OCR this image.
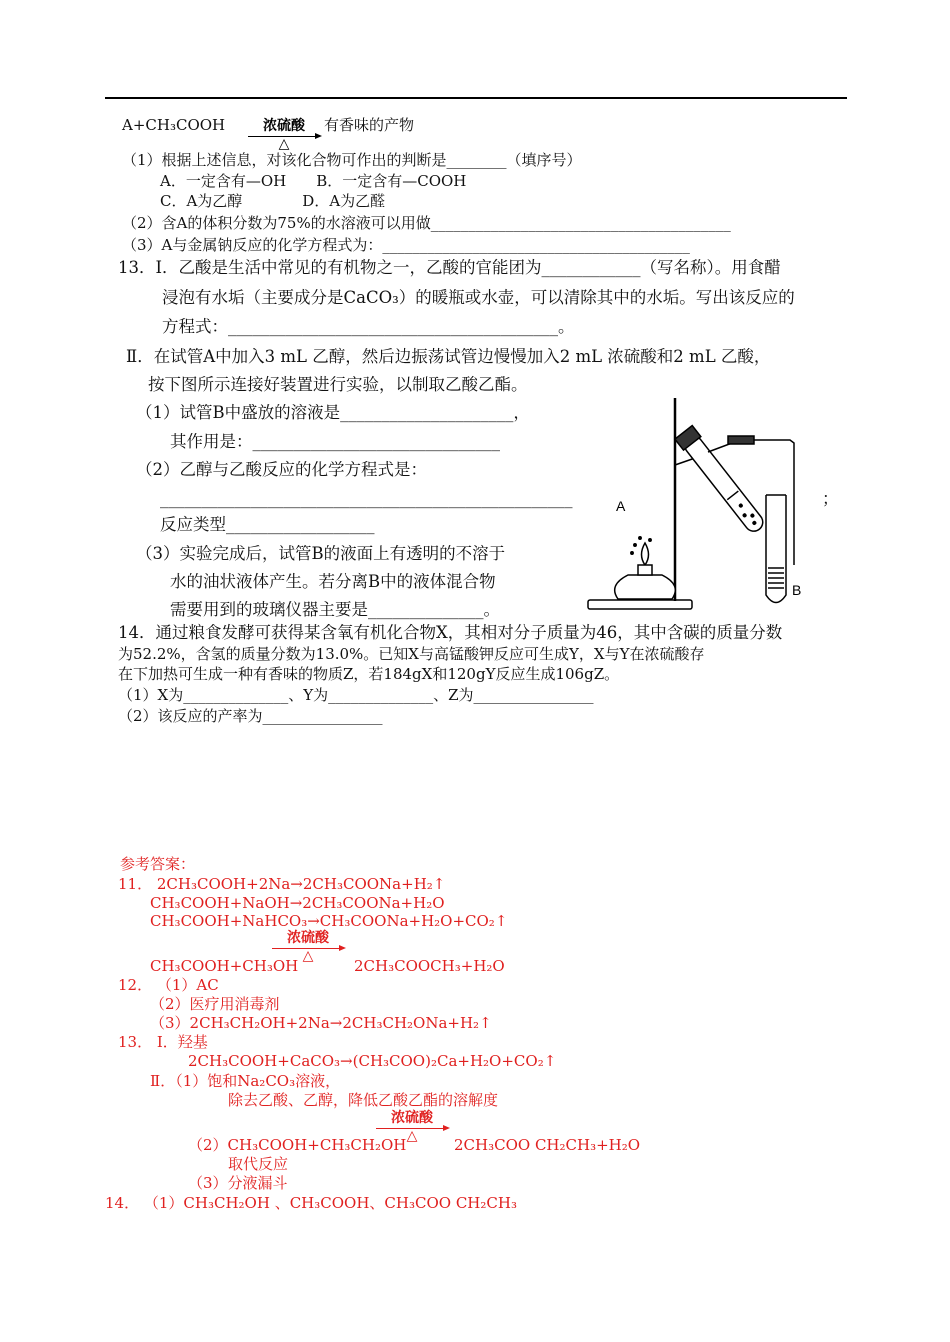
A+CH₃COOH	浓硫酸
△
有香味的产物
（1）根据上述信息，对该化合物可作出的判断是________（填序号）
A．一定含有—OH　　B．一定含有—COOH
C．A为乙醇　　　　D．A为乙醛
（2）含A的体积分数为75%的水溶液可以用做________________________________________
（3）A与金属钠反应的化学方程式为：_________________________________________
13．Ⅰ．乙酸是生活中常见的有机物之一，乙酸的官能团为____________（写名称）。用食醋
浸泡有水垢（主要成分是CaCO₃）的暖瓶或水壶，可以清除其中的水垢。写出该反应的
方程式：________________________________________。
Ⅱ．在试管A中加入3 mL 乙醇，然后边振荡试管边慢慢加入2 mL 浓硫酸和2 mL 乙酸，
按下图所示连接好装置进行实验，以制取乙酸乙酯。
（1）试管B中盛放的溶液是_____________________，
其作用是：______________________________
（2）乙醇与乙酸反应的化学方程式是：
__________________________________________________
反应类型__________________
（3）实验完成后，试管B的液面上有透明的不溶于
水的油状液体产生。若分离B中的液体混合物
需要用到的玻璃仪器主要是______________。
；
A
B
14．通过粮食发酵可获得某含氧有机化合物X，其相对分子质量为46，其中含碳的质量分数
为52.2%，含氢的质量分数为13.0%。已知X与高锰酸钾反应可生成Y，X与Y在浓硫酸存
在下加热可生成一种有香味的物质Z，若184gX和120gY反应生成106gZ。
（1）X为______________、Y为______________、Z为________________
（2）该反应的产率为________________
参考答案：
11． 2CH₃COOH+2Na→2CH₃COONa+H₂↑
CH₃COOH+NaOH→2CH₃COONa+H₂O
CH₃COOH+NaHCO₃→CH₃COONa+H₂O+CO₂↑
浓硫酸
△
CH₃COOH+CH₃OH	2CH₃COOCH₃+H₂O
12． （1）AC
（2）医疗用消毒剂
（3）2CH₃CH₂OH+2Na→2CH₃CH₂ONa+H₂↑
13． Ⅰ．羟基
2CH₃COOH+CaCO₃→(CH₃COO)₂Ca+H₂O+CO₂↑
Ⅱ．（1）饱和Na₂CO₃溶液，
除去乙酸、乙醇，降低乙酸乙酯的溶解度
浓硫酸
△
（2）CH₃COOH+CH₃CH₂OH	2CH₃COO CH₂CH₃+H₂O
取代反应
（3）分液漏斗
14． （1）CH₃CH₂OH 、CH₃COOH、CH₃COO CH₂CH₃
